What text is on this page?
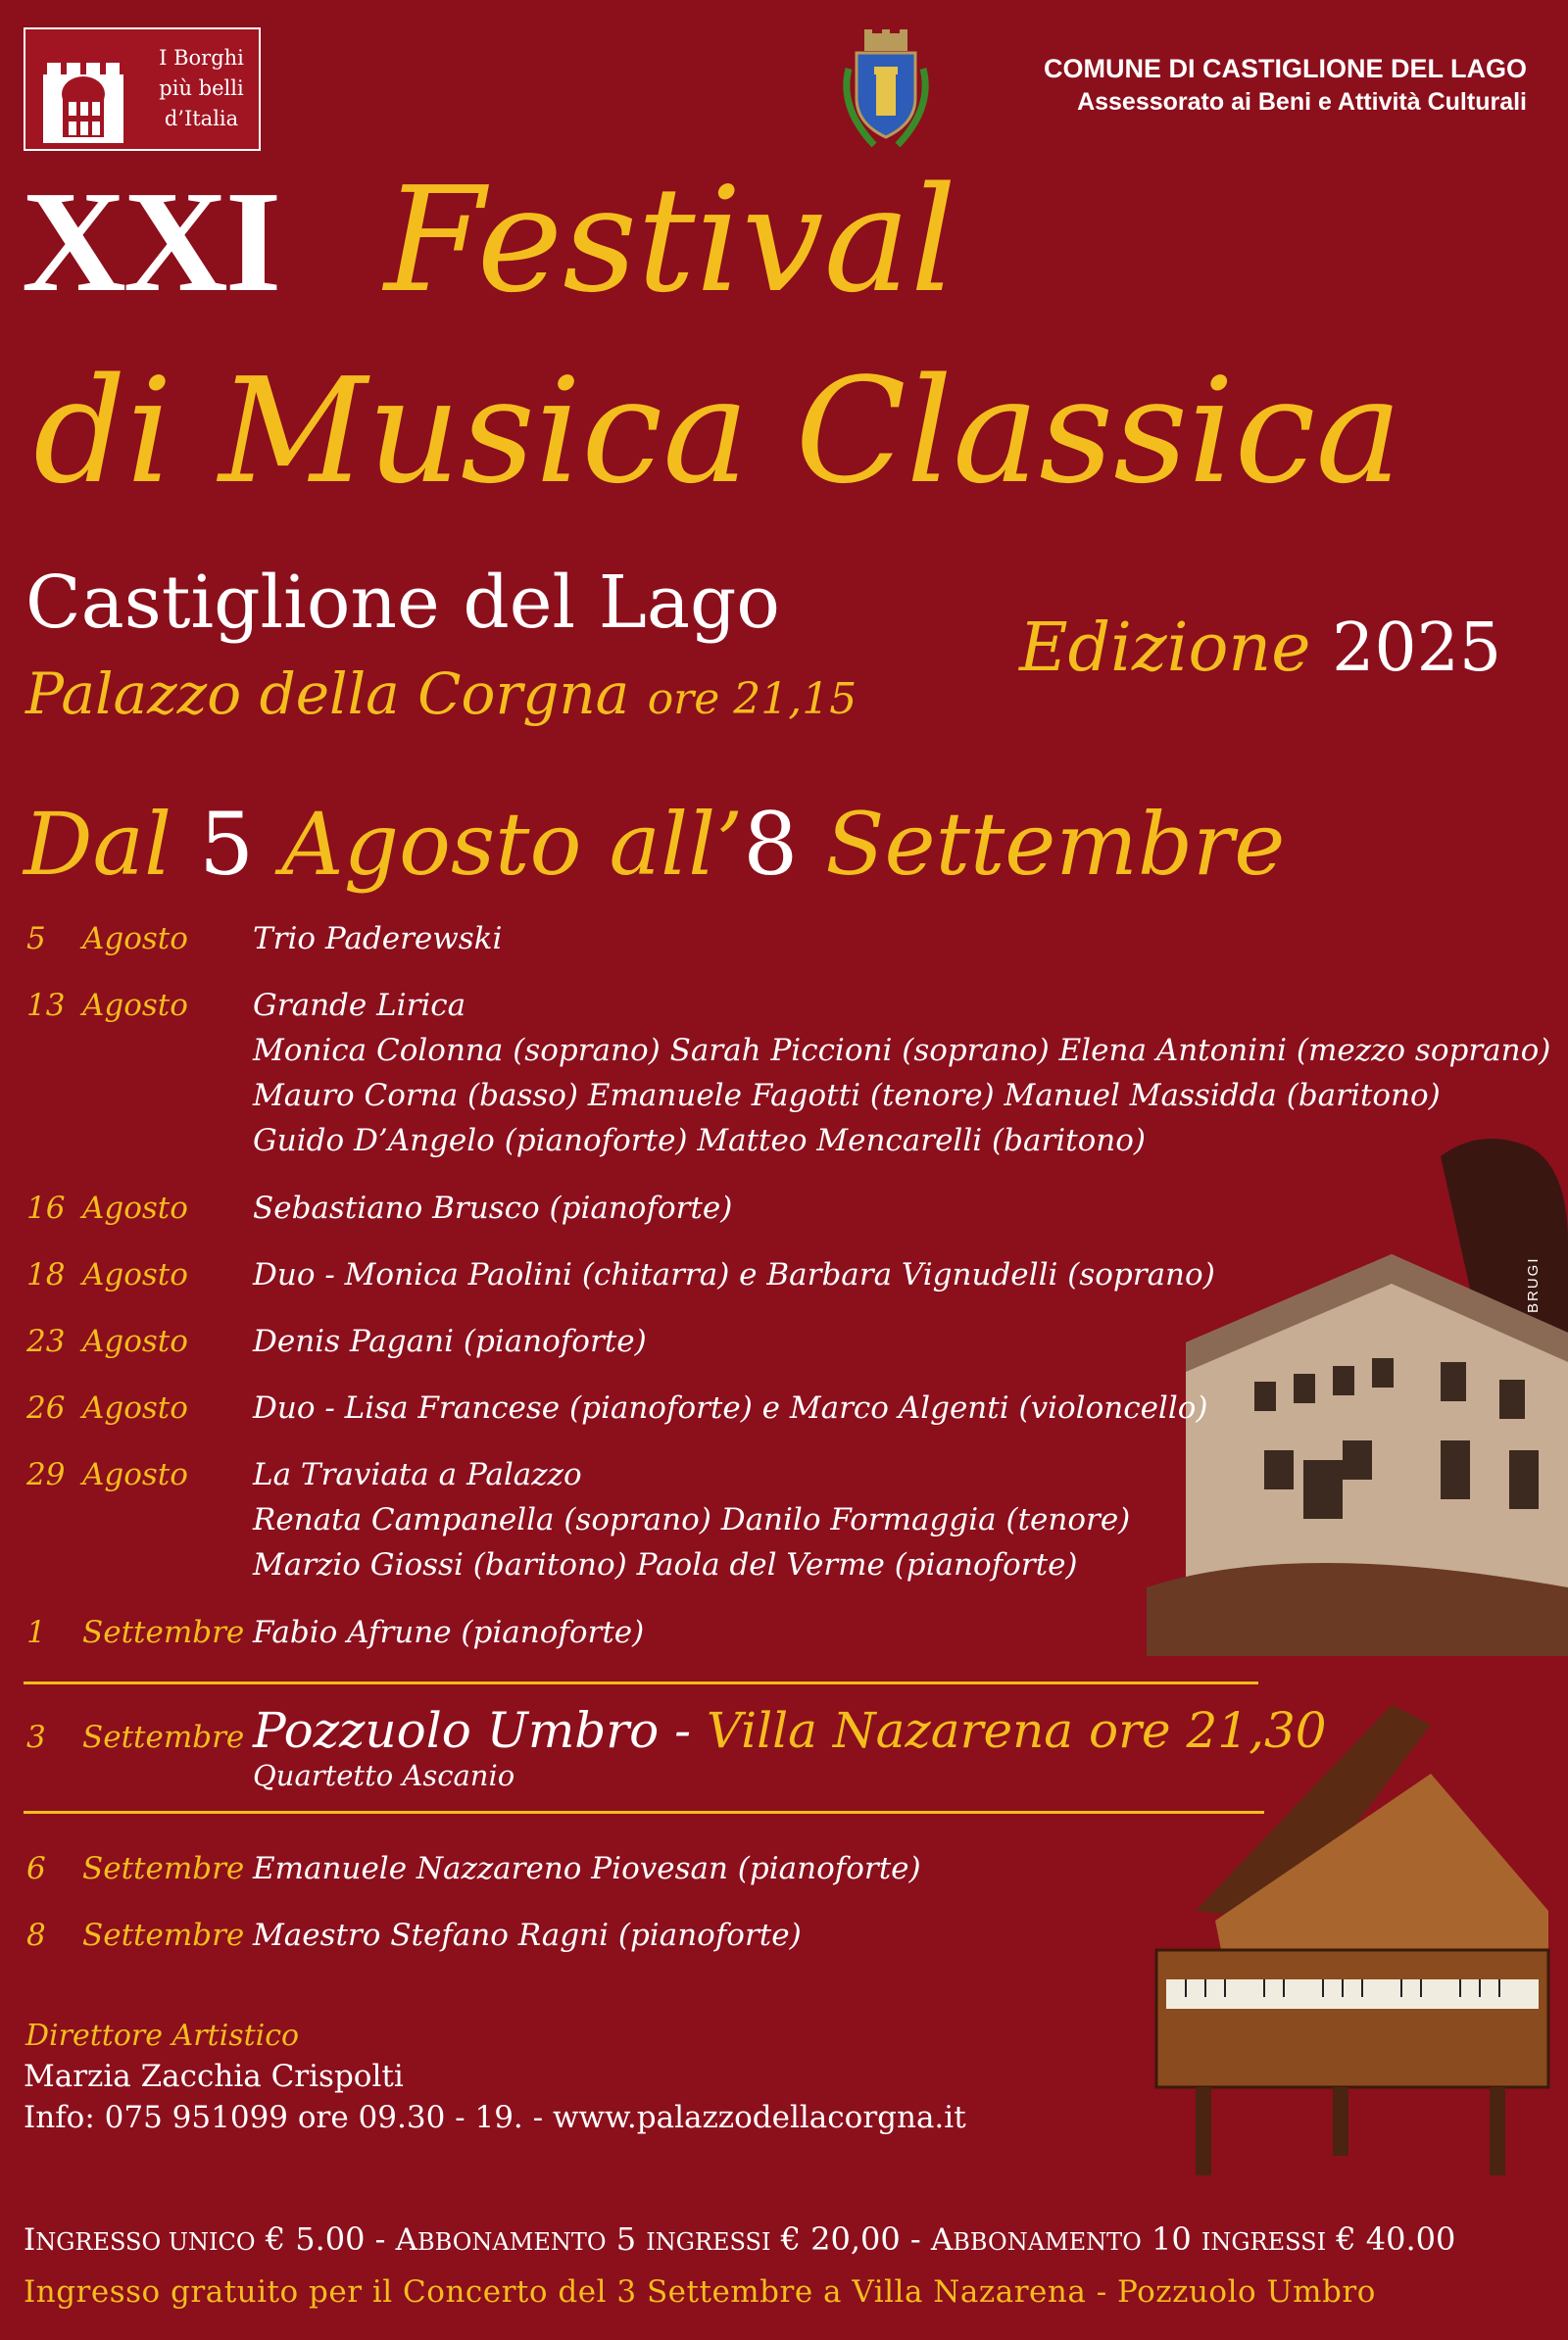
I Borghi
più belli
d’Italia
COMUNE DI CASTIGLIONE DEL LAGO
Assessorato ai Beni e Attività Culturali
XXI Festival
di Musica Classica
Castiglione del Lago
Palazzo della Corgna ore 21,15
Edizione 2025
Dal 5 Agosto all’8 Settembre
BRUGI
5 Agosto Trio Paderewski
13 Agosto Grande Lirica
Monica Colonna (soprano) Sarah Piccioni (soprano) Elena Antonini (mezzo soprano)
Mauro Corna (basso) Emanuele Fagotti (tenore) Manuel Massidda (baritono)
Guido D’Angelo (pianoforte) Matteo Mencarelli (baritono)
16 Agosto Sebastiano Brusco (pianoforte)
18 Agosto Duo - Monica Paolini (chitarra) e Barbara Vignudelli (soprano)
23 Agosto Denis Pagani (pianoforte)
26 Agosto Duo - Lisa Francese (pianoforte) e Marco Algenti (violoncello)
29 Agosto La Traviata a Palazzo
Renata Campanella (soprano) Danilo Formaggia (tenore)
Marzio Giossi (baritono) Paola del Verme (pianoforte)
1 Settembre Fabio Afrune (pianoforte)
3 Settembre Pozzuolo Umbro - Villa Nazarena ore 21,30
Quartetto Ascanio
6 Settembre Emanuele Nazzareno Piovesan (pianoforte)
8 Settembre Maestro Stefano Ragni (pianoforte)
Direttore Artistico
Marzia Zacchia Crispolti
Info: 075 951099 ore 09.30 - 19. - www.palazzodellacorgna.it
INGRESSO UNICO € 5.00 - ABBONAMENTO 5 INGRESSI € 20,00 - ABBONAMENTO 10 INGRESSI € 40.00
Ingresso gratuito per il Concerto del 3 Settembre a Villa Nazarena - Pozzuolo Umbro
